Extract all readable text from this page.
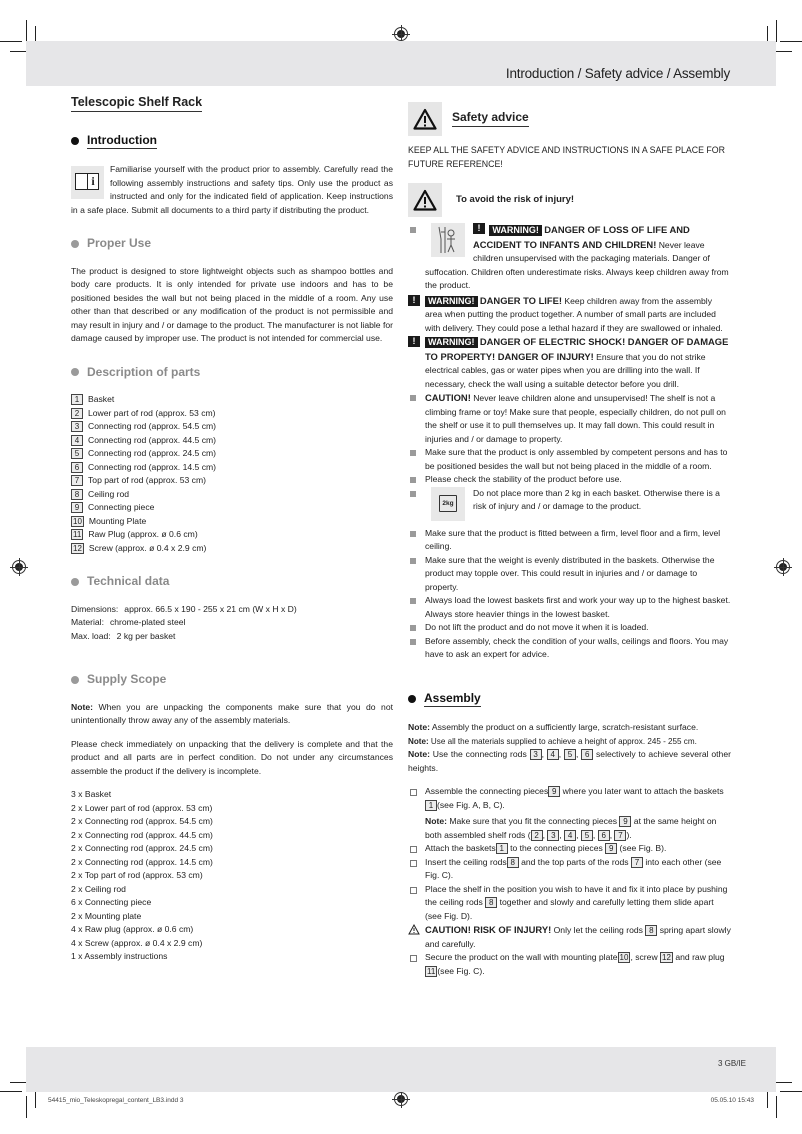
Introduction / Safety advice / Assembly
3 GB/IE
54415_mio_Teleskopregal_content_LB3.indd 3	05.05.10 15:43
Telescopic Shelf Rack
Introduction
i

Familiarise yourself with the product prior to assembly. Carefully read the following assembly instructions and safety tips. Only use the product as instructed and only for the indicated field of application. Keep instructions in a safe place. Submit all documents to a third party if distributing the product.

Proper Use

The product is designed to store lightweight objects such as shampoo bottles and body care products. It is only intended for private use indoors and has to be positioned besides the wall but not being placed in the middle of a room. Any use other than that described or any modification of the product is not permissible and may result in injury and / or damage to the product. The manufacturer is not liable for damage caused by improper use. The product is not intended for commercial use.

Description of parts
1	Basket
2	Lower part of rod (approx. 53 cm)
3	Connecting rod (approx. 54.5 cm)
4	Connecting rod (approx. 44.5 cm)
5	Connecting rod (approx. 24.5 cm)
6	Connecting rod (approx. 14.5 cm)
7	Top part of rod (approx. 53 cm)
8	Ceiling rod
9	Connecting piece
10 Mounting Plate
11 Raw Plug (approx. ø 0.6 cm)
12 Screw (approx. ø 0.4 x 2.9 cm)
Technical data
Dimensions: approx. 66.5 x 190 - 255 x 21 cm (W x H x D)
Material: chrome-plated steel
Max. load: 2 kg per basket
Supply Scope

Note: When you are unpacking the components make sure that you do not unintentionally throw away any of the assembly materials.

Please check immediately on unpacking that the delivery is complete and that the product and all parts are in perfect condition. Do not under any circumstances assemble the product if the delivery is incomplete.

3 x Basket
2 x Lower part of rod (approx. 53 cm)
2 x Connecting rod (approx. 54.5 cm)
2 x Connecting rod (approx. 44.5 cm)
2 x Connecting rod (approx. 24.5 cm)
2 x Connecting rod (approx. 14.5 cm)
2 x Top part of rod (approx. 53 cm)
2 x Ceiling rod
6 x Connecting piece
2 x Mounting plate
4 x Raw plug (approx. ø 0.6 cm)
4 x Screw (approx. ø 0.4 x 2.9 cm)
1 x Assembly instructions
Safety advice

KEEP ALL THE SAFETY ADVICE AND INSTRUCTIONS IN A SAFE PLACE FOR FUTURE REFERENCE!

To avoid the risk of injury!
! WARNING! DANGER OF LOSS OF LIFE AND ACCIDENT TO INFANTS AND CHILDREN! Never leave children unsupervised with the packaging materials. Danger of suffocation. Children often underestimate risks. Always keep children away from the product.
!
WARNING! DANGER TO LIFE! Keep children away from the assembly area when putting the product together. A number of small parts are included with delivery. They could pose a lethal hazard if they are swallowed or inhaled.
!
WARNING! DANGER OF ELECTRIC SHOCK! DANGER OF DAMAGE TO PROPERTY! DANGER OF INJURY! Ensure that you do not strike electrical cables, gas or water pipes when you are drilling into the wall. If necessary, check the wall using a suitable detector before you drill.
CAUTION! Never leave children alone and unsupervised! The shelf is not a climbing frame or toy! Make sure that people, especially children, do not pull on the shelf or use it to pull themselves up. It may fall down. This could result in injuries and / or damage to property.
Make sure that the product is only assembled by competent persons and has to be positioned besides the wall but not being placed in the middle of a room.
Please check the stability of the product before use.
2kg
Do not place more than 2 kg in each basket. Otherwise there is a risk of injury and / or damage to the product.
Make sure that the product is fitted between a firm, level floor and a firm, level ceiling.
Make sure that the weight is evenly distributed in the baskets. Otherwise the product may topple over. This could result in injuries and / or damage to property.
Always load the lowest baskets first and work your way up to the highest basket. Always store heavier things in the lowest basket.
Do not lift the product and do not move it when it is loaded.
Before assembly, check the condition of your walls, ceilings and floors. You may have to ask an expert for advice.
Assembly

Note: Assembly the product on a sufficiently large, scratch-resistant surface.

Note: Use all the materials supplied to achieve a height of approx. 245 - 255 cm.

Note: Use the connecting rods 3 , 4 , 5 , 6 selectively to achieve several other heights.

Assemble the connecting pieces 9 where you later want to attach the baskets 1 (see Fig. A, B, C).
Note: Make sure that you fit the connecting pieces 9 at the same height on both assembled shelf rods ( 2 , 3 , 4 , 5 , 6 , 7 ).
Attach the baskets 1 to the connecting pieces 9 (see Fig. B).
Insert the ceiling rods 8 and the top parts of the rods 7 into each other (see Fig. C).
Place the shelf in the position you wish to have it and fix it into place by pushing the ceiling rods 8 together and slowly and carefully letting them slide apart (see Fig. D).
CAUTION! RISK OF INJURY! Only let the ceiling rods 8 spring apart slowly and carefully.
Secure the product on the wall with mounting plate 10 , screw 12 and raw plug 11 (see Fig. C).
